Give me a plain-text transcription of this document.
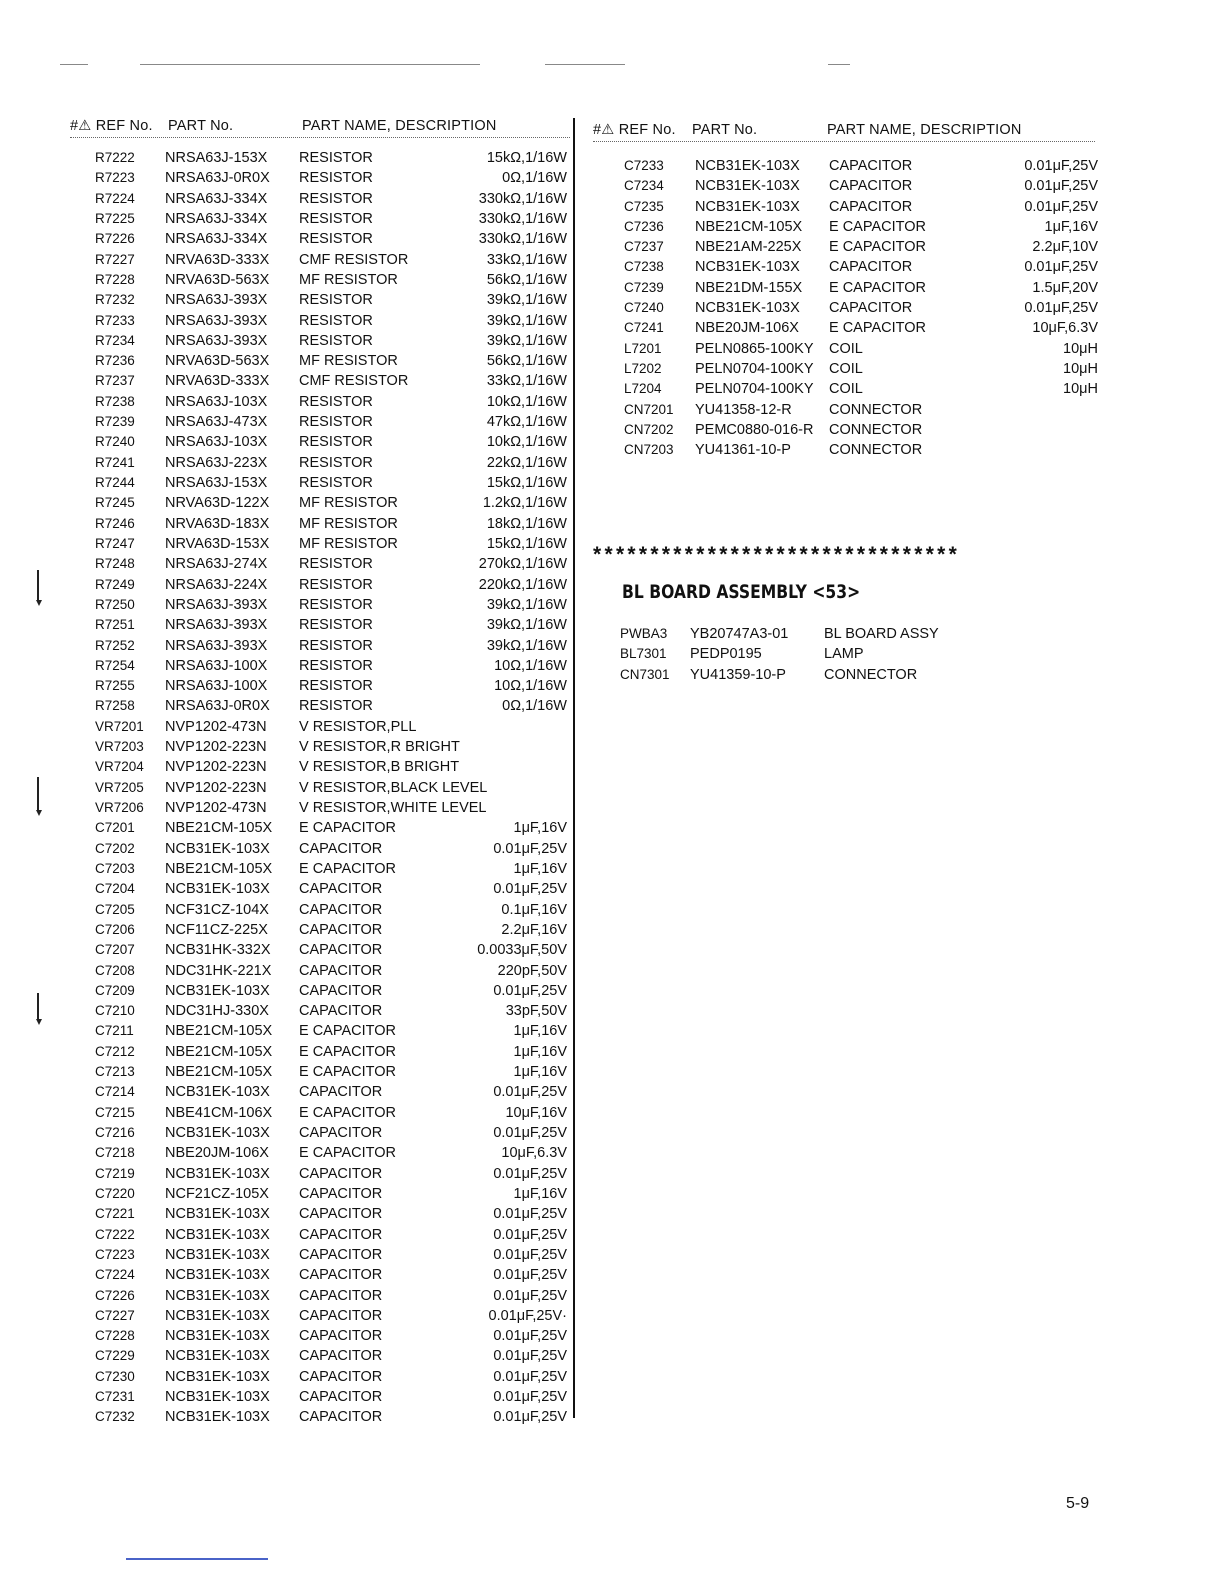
#⚠ REF No. PART No.	PART NAME, DESCRIPTION
R7222 NRSA63J-153X RESISTOR	15kΩ,1/16W
R7223 NRSA63J-0R0X RESISTOR	0Ω,1/16W
R7224 NRSA63J-334X RESISTOR	330kΩ,1/16W
R7225 NRSA63J-334X RESISTOR	330kΩ,1/16W
R7226 NRSA63J-334X RESISTOR	330kΩ,1/16W
R7227 NRVA63D-333X CMF RESISTOR	33kΩ,1/16W
R7228 NRVA63D-563X MF RESISTOR	56kΩ,1/16W
R7232 NRSA63J-393X RESISTOR	39kΩ,1/16W
R7233 NRSA63J-393X RESISTOR	39kΩ,1/16W
R7234 NRSA63J-393X RESISTOR	39kΩ,1/16W
R7236 NRVA63D-563X MF RESISTOR	56kΩ,1/16W
R7237 NRVA63D-333X CMF RESISTOR	33kΩ,1/16W
R7238 NRSA63J-103X RESISTOR	10kΩ,1/16W
R7239 NRSA63J-473X RESISTOR	47kΩ,1/16W
R7240 NRSA63J-103X RESISTOR	10kΩ,1/16W
R7241 NRSA63J-223X RESISTOR	22kΩ,1/16W
R7244 NRSA63J-153X RESISTOR	15kΩ,1/16W
R7245 NRVA63D-122X MF RESISTOR	1.2kΩ,1/16W
R7246 NRVA63D-183X MF RESISTOR	18kΩ,1/16W
R7247 NRVA63D-153X MF RESISTOR	15kΩ,1/16W
R7248 NRSA63J-274X RESISTOR	270kΩ,1/16W
R7249 NRSA63J-224X RESISTOR	220kΩ,1/16W
R7250 NRSA63J-393X RESISTOR	39kΩ,1/16W
R7251 NRSA63J-393X RESISTOR	39kΩ,1/16W
R7252 NRSA63J-393X RESISTOR	39kΩ,1/16W
R7254 NRSA63J-100X RESISTOR	10Ω,1/16W
R7255 NRSA63J-100X RESISTOR	10Ω,1/16W
R7258 NRSA63J-0R0X RESISTOR	0Ω,1/16W
VR7201 NVP1202-473N V RESISTOR,PLL
VR7203 NVP1202-223N V RESISTOR,R BRIGHT
VR7204 NVP1202-223N V RESISTOR,B BRIGHT
VR7205 NVP1202-223N V RESISTOR,BLACK LEVEL
VR7206 NVP1202-473N V RESISTOR,WHITE LEVEL
C7201 NBE21CM-105X E CAPACITOR	1μF,16V
C7202 NCB31EK-103X CAPACITOR	0.01μF,25V
C7203 NBE21CM-105X E CAPACITOR	1μF,16V
C7204 NCB31EK-103X CAPACITOR	0.01μF,25V
C7205 NCF31CZ-104X CAPACITOR	0.1μF,16V
C7206 NCF11CZ-225X CAPACITOR	2.2μF,16V
C7207 NCB31HK-332X CAPACITOR	0.0033μF,50V
C7208 NDC31HK-221X CAPACITOR	220pF,50V
C7209 NCB31EK-103X CAPACITOR	0.01μF,25V
C7210 NDC31HJ-330X CAPACITOR	33pF,50V
C7211 NBE21CM-105X E CAPACITOR	1μF,16V
C7212 NBE21CM-105X E CAPACITOR	1μF,16V
C7213 NBE21CM-105X E CAPACITOR	1μF,16V
C7214 NCB31EK-103X CAPACITOR	0.01μF,25V
C7215 NBE41CM-106X E CAPACITOR	10μF,16V
C7216 NCB31EK-103X CAPACITOR	0.01μF,25V
C7218 NBE20JM-106X E CAPACITOR	10μF,6.3V
C7219 NCB31EK-103X CAPACITOR	0.01μF,25V
C7220 NCF21CZ-105X CAPACITOR	1μF,16V
C7221 NCB31EK-103X CAPACITOR	0.01μF,25V
C7222 NCB31EK-103X CAPACITOR	0.01μF,25V
C7223 NCB31EK-103X CAPACITOR	0.01μF,25V
C7224 NCB31EK-103X CAPACITOR	0.01μF,25V
C7226 NCB31EK-103X CAPACITOR	0.01μF,25V
C7227 NCB31EK-103X CAPACITOR	0.01μF,25V·
C7228 NCB31EK-103X CAPACITOR	0.01μF,25V
C7229 NCB31EK-103X CAPACITOR	0.01μF,25V
C7230 NCB31EK-103X CAPACITOR	0.01μF,25V
C7231 NCB31EK-103X CAPACITOR	0.01μF,25V
C7232 NCB31EK-103X CAPACITOR	0.01μF,25V
#⚠ REF No. PART No.	PART NAME, DESCRIPTION
C7233 NCB31EK-103X CAPACITOR	0.01μF,25V
C7234 NCB31EK-103X CAPACITOR	0.01μF,25V
C7235 NCB31EK-103X CAPACITOR	0.01μF,25V
C7236 NBE21CM-105X E CAPACITOR	1μF,16V
C7237 NBE21AM-225X E CAPACITOR	2.2μF,10V
C7238 NCB31EK-103X CAPACITOR	0.01μF,25V
C7239 NBE21DM-155X E CAPACITOR	1.5μF,20V
C7240 NCB31EK-103X CAPACITOR	0.01μF,25V
C7241 NBE20JM-106X E CAPACITOR	10μF,6.3V
L7201 PELN0865-100KY COIL	10μH
L7202 PELN0704-100KY COIL	10μH
L7204 PELN0704-100KY COIL	10μH
CN7201 YU41358-12-R	CONNECTOR
CN7202 PEMC0880-016-R CONNECTOR
CN7203 YU41361-10-P	CONNECTOR
********************************
BL BOARD ASSEMBLY <53>
PWBA3 YB20747A3-01 BL BOARD ASSY
BL7301 PEDP0195	LAMP
CN7301 YU41359-10-P	CONNECTOR
5-9
